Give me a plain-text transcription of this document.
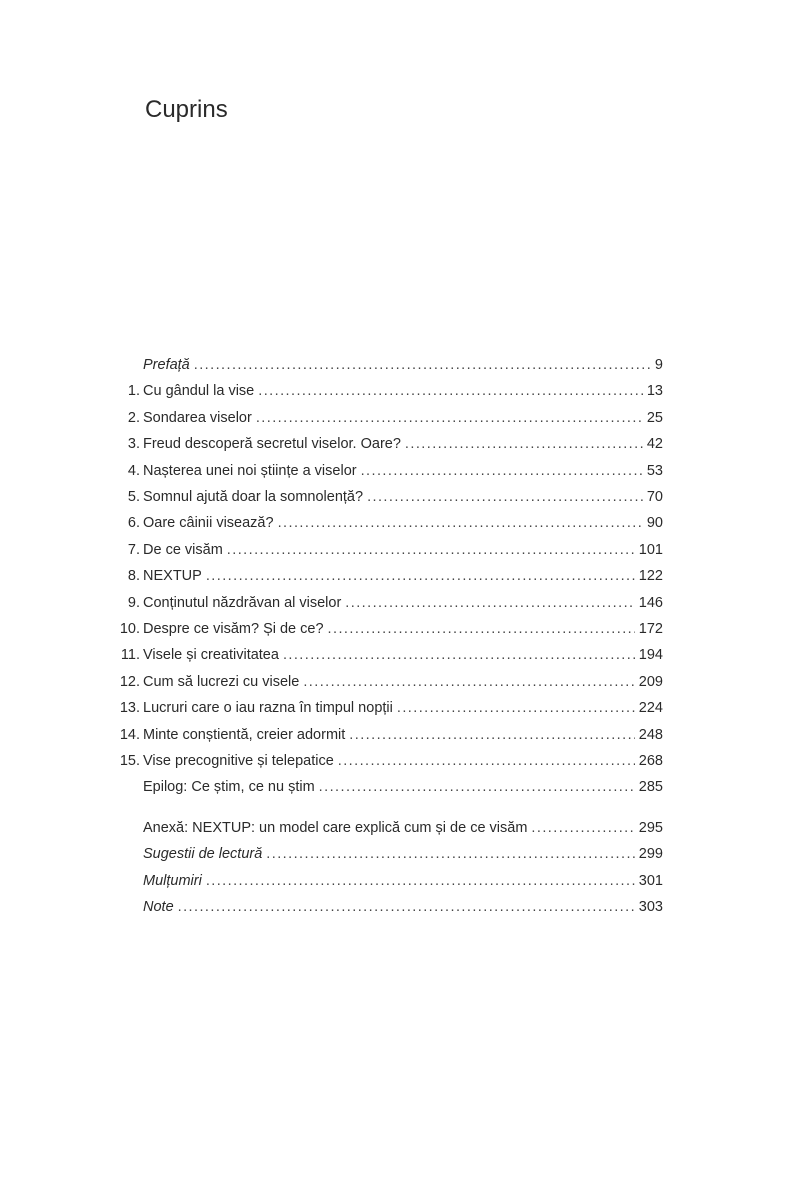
Cuprins
Prefață . . .	9
1. Cu gândul la vise . . .	13
2. Sondarea viselor . . .	25
3. Freud descoperă secretul viselor. Oare? . . .	42
4. Nașterea unei noi științe a viselor . . .	53
5. Somnul ajută doar la somnolență? . . .	70
6. Oare câinii visează? . . .	90
7. De ce visăm . . .	101
8. NEXTUP . . .	122
9. Conținutul năzdrăvan al viselor . . .	146
10. Despre ce visăm? Și de ce? . . .	172
11. Visele și creativitatea . . .	194
12. Cum să lucrezi cu visele . . .	209
13. Lucruri care o iau razna în timpul nopții . . .	224
14. Minte conștientă, creier adormit . . .	248
15. Vise precognitive și telepatice . . .	268
Epilog: Ce știm, ce nu știm . . .	285
Anexă: NEXTUP: un model care explică cum și de ce visăm . . .	295
Sugestii de lectură . . .	299
Mulțumiri . . .	301
Note . . .	303
